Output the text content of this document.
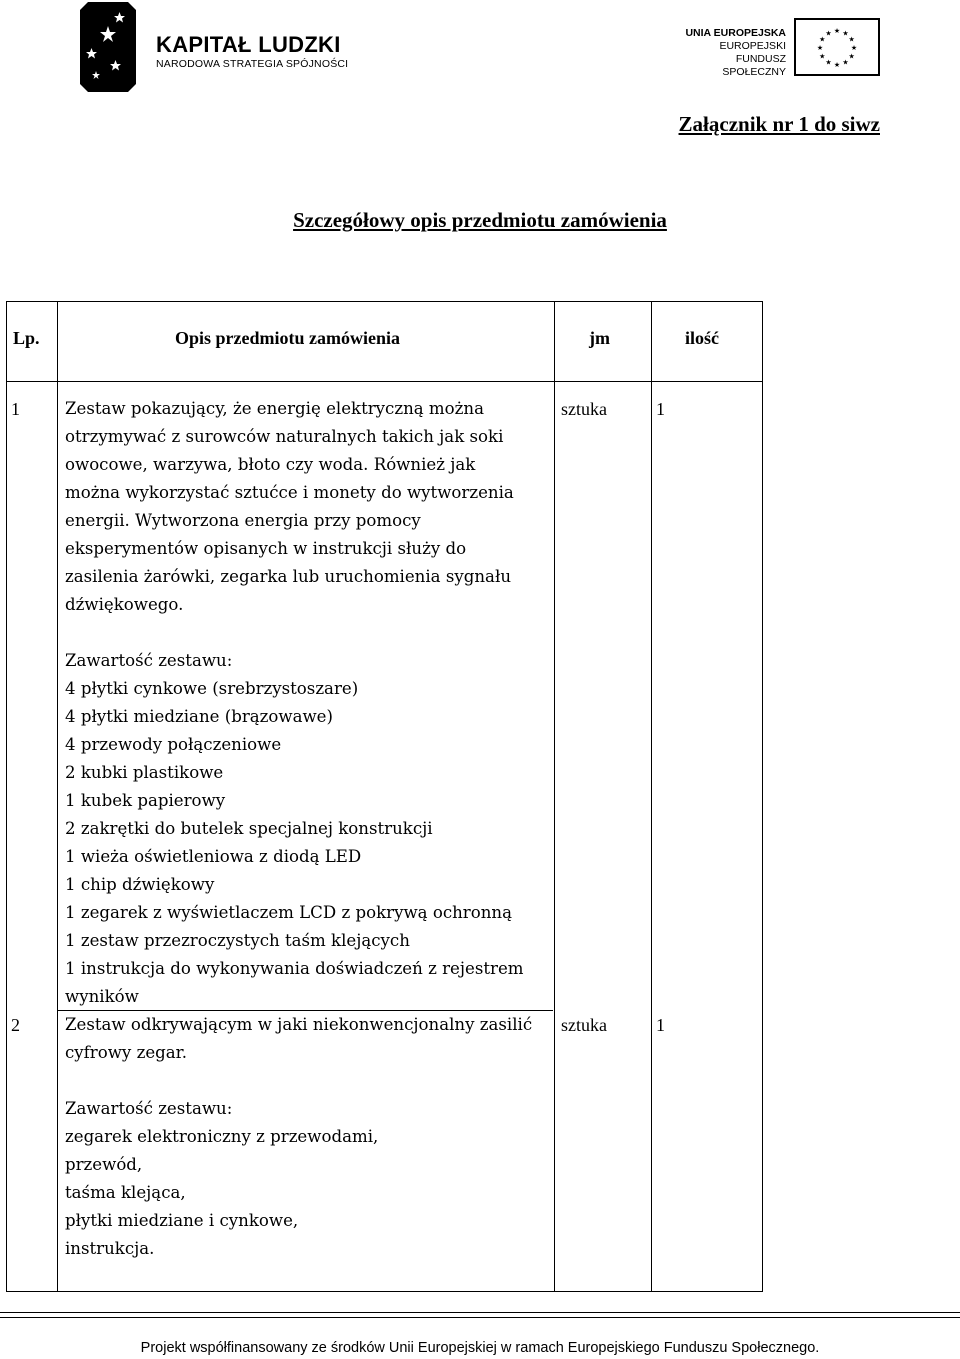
KAPITAŁ LUDZKI
NARODOWA STRATEGIA SPÓJNOŚCI
UNIA EUROPEJSKA
EUROPEJSKI
FUNDUSZ SPOŁECZNY
★ ★
★
★
★
★
★
★
★
★
★
★
Załącznik nr 1 do siwz
Szczegółowy opis przedmiotu zamówienia
Lp.	Opis przedmiotu zamówienia	jm	ilość
1	Zestaw pokazujący, że energię elektryczną można
otrzymywać z surowców naturalnych takich jak soki
owocowe, warzywa, błoto czy woda. Również jak
można wykorzystać sztućce i monety do wytworzenia
energii. Wytworzona energia przy pomocy
eksperymentów opisanych w instrukcji służy do
zasilenia żarówki, zegarka lub uruchomienia sygnału
dźwiękowego.

Zawartość zestawu:
4 płytki cynkowe (srebrzystoszare)
4 płytki miedziane (brązowawe)
4 przewody połączeniowe
2 kubki plastikowe
1 kubek papierowy
2 zakrętki do butelek specjalnej konstrukcji
1 wieża oświetleniowa z diodą LED
1 chip dźwiękowy
1 zegarek z wyświetlaczem LCD z pokrywą ochronną
1 zestaw przezroczystych taśm klejących
1 instrukcja do wykonywania doświadczeń z rejestrem
wyników
sztuka	1
2	Zestaw odkrywającym w jaki niekonwencjonalny zasilić
cyfrowy zegar.

Zawartość zestawu:
zegarek elektroniczny z przewodami,
przewód,
taśma klejąca,
płytki miedziane i cynkowe,
instrukcja.
sztuka	1
Projekt współfinansowany ze środków Unii Europejskiej w ramach Europejskiego Funduszu Społecznego.
